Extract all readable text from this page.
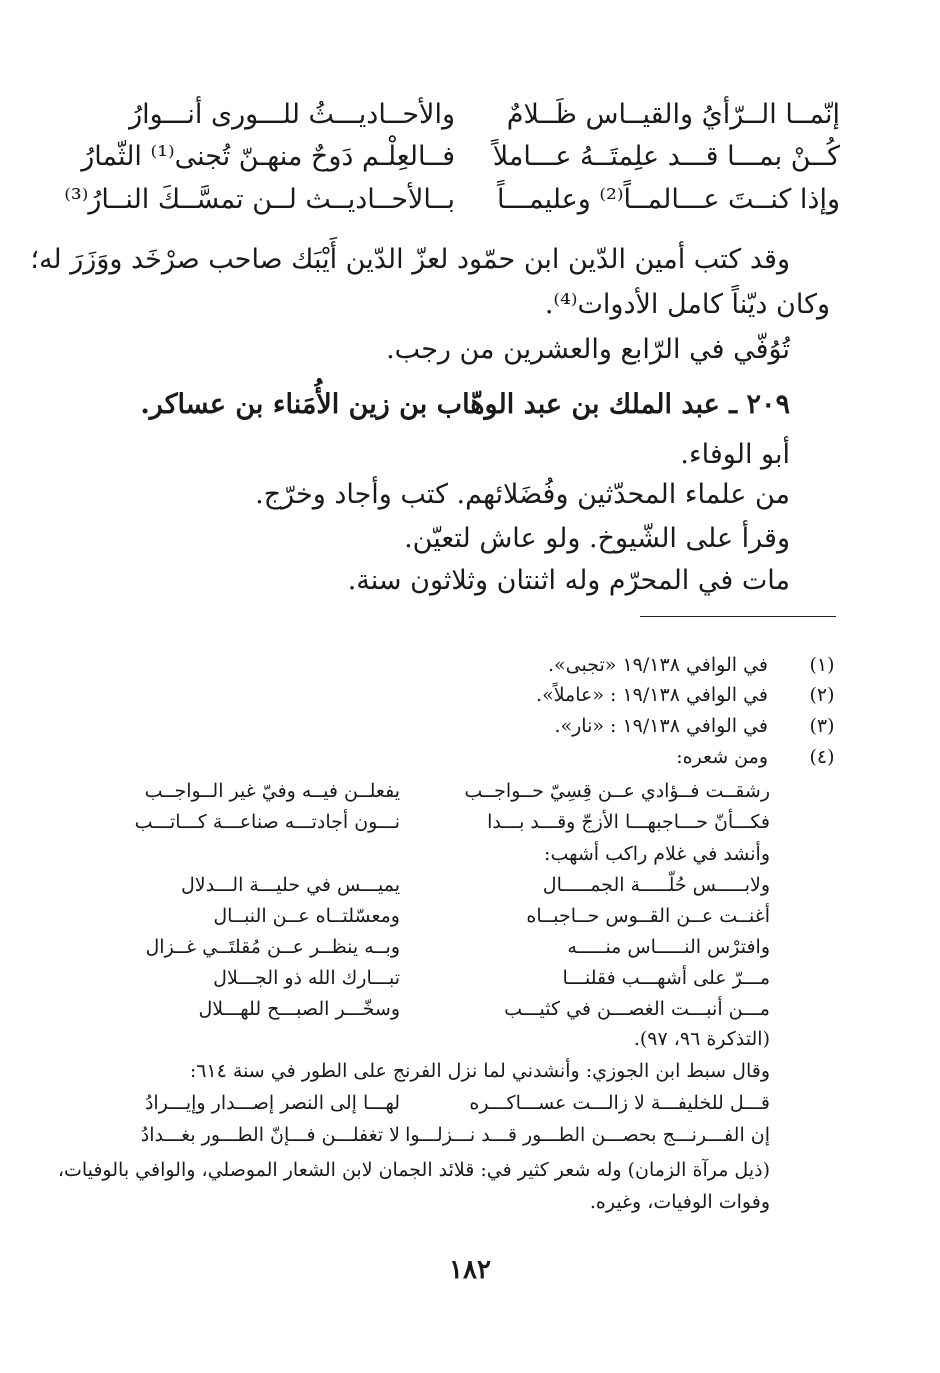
إنّمــا الــرّأيُ والقيــاس ظَــلامٌ
والأحــاديـــثُ للـــورى أنـــوارُ
كُــنْ بمـــا قـــد علِمتَــهُ عـــاملاً
فــالعِلْـم دَوحٌ منهـنّ تُجنى⁽¹⁾ الثّمارُ
وإذا كنــتَ عـــالمــاً⁽²⁾ وعليمـــاً
بــالأحــاديــث لــن تمسَّــكَ النــارُ⁽³⁾
وقد كتب أمين الدّين ابن حمّود لعزّ الدّين أَيْبَك صاحب صرْخَد ووَزَرَ له؛
وكان ديّناً كامل الأدوات⁽⁴⁾.
تُوُفّي في الرّابع والعشرين من رجب.
٢٠٩ ـ عبد الملك بن عبد الوهّاب بن زين الأُمَناء بن عساكر.
أبو الوفاء.
من علماء المحدّثين وفُضَلائهم. كتب وأجاد وخرّج.
وقرأ على الشّيوخ. ولو عاش لتعيّن.
مات في المحرّم وله اثنتان وثلاثون سنة.
(١)
في الوافي ١٩/١٣٨ «تجبى».
(٢)
في الوافي ١٩/١٣٨ : «عاملاً».
(٣)
في الوافي ١٩/١٣٨ : «نار».
(٤)
ومن شعره:
رشقــت فــؤادي عــن قِسِيّ حــواجــب
يفعلــن فيــه وفيّ غير الــواجــب
فكـــأنّ حـــاجبهـــا الأزجّ وقـــد بـــدا
نـــون أجادتـــه صناعـــة كـــاتـــب
وأنشد في غلام راكب أشهب:
ولابـــــس حُلّـــــة الجمـــــال
يميـــس في حليـــة الـــدلال
أغنــت عــن القــوس حــاجبــاه
ومعسّلتــاه عــن النبــال
وافترْس النـــــاس منـــــه
وبــه ينظــر عــن مُقلتَــي غــزال
مـــرّ على أشهـــب فقلنـــا
تبـــارك الله ذو الجـــلال
مـــن أنبـــت الغصـــن في كثيـــب
وسخّـــر الصبـــح للهـــلال
(التذكرة ٩٦، ٩٧).
وقال سبط ابن الجوزي: وأنشدني لما نزل الفرنج على الطور في سنة ٦١٤:
قـــل للخليفـــة لا زالـــت عســـاكـــره
لهـــا إلى النصر إصـــدار وإيـــرادُ
إن الفـــرنـــج بحصـــن الطـــور قـــد نـــزلـــوا
لا تغفلـــن فـــإنّ الطـــور بغـــدادُ
(ذيل مرآة الزمان) وله شعر كثير في: قلائد الجمان لابن الشعار الموصلي، والوافي بالوفيات،
وفوات الوفيات، وغيره.
١٨٢
